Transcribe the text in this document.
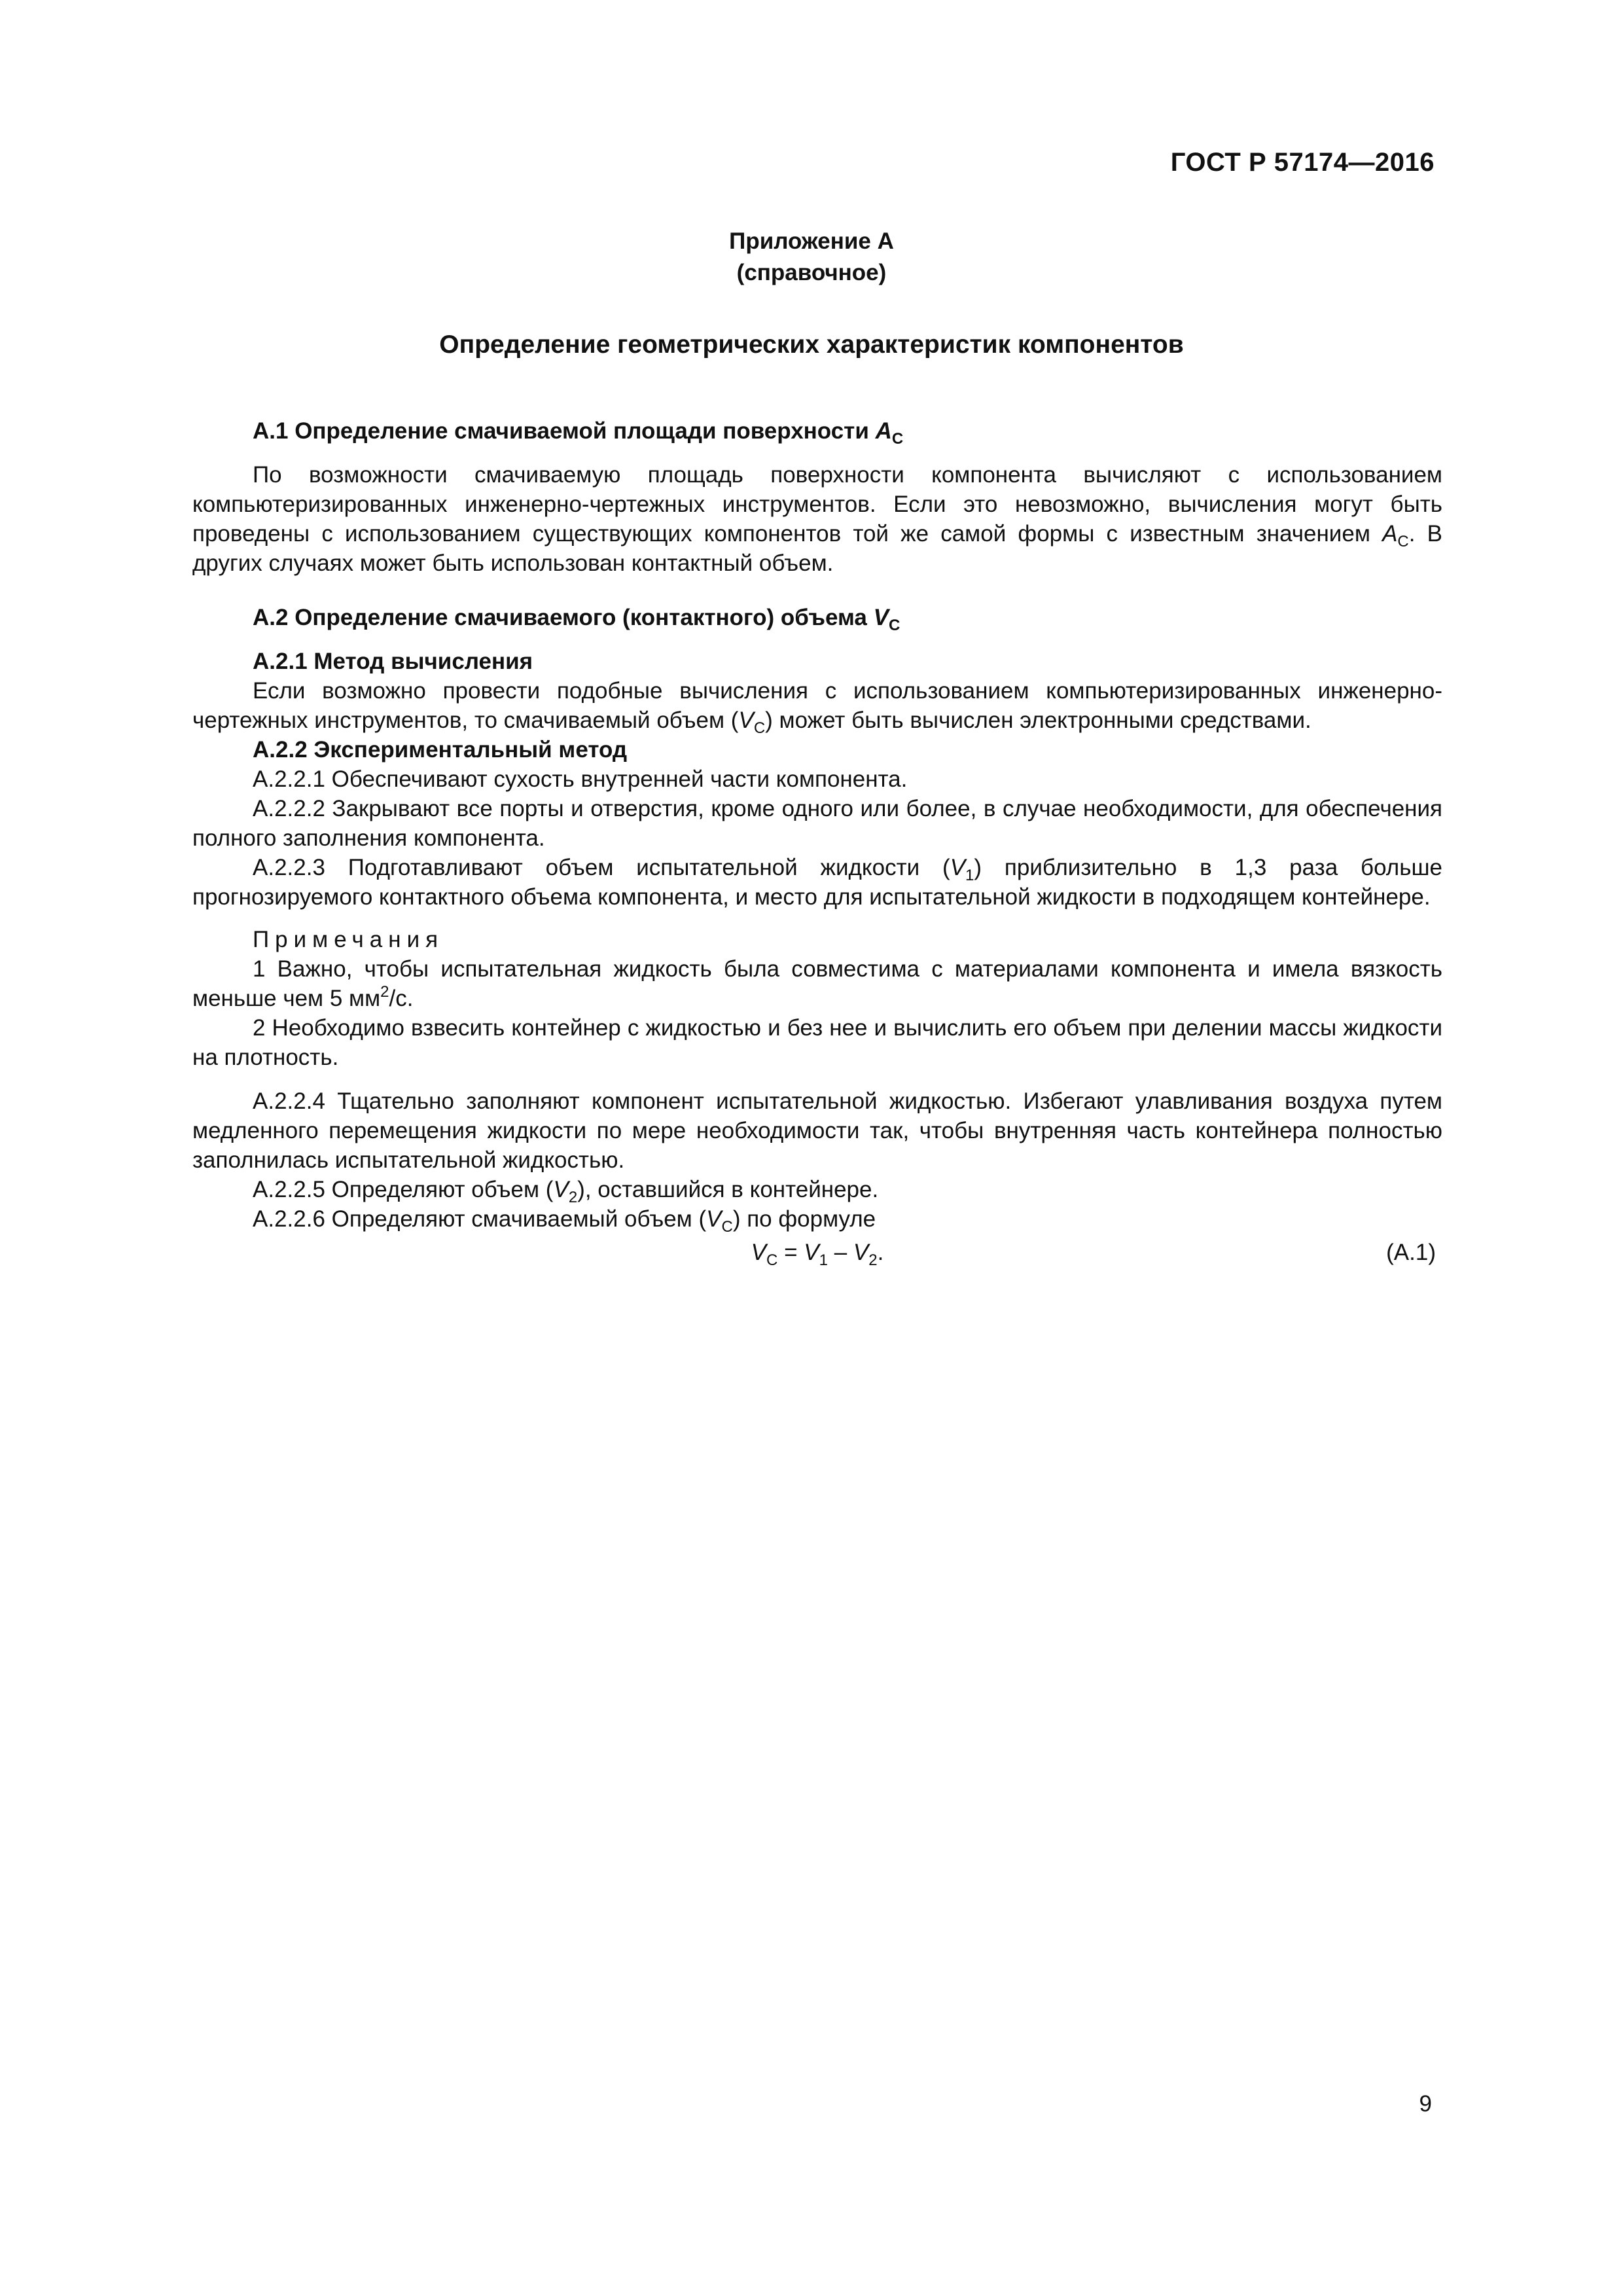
ГОСТ Р 57174—2016
Приложение А
(справочное)
Определение геометрических характеристик компонентов

А.1 Определение смачиваемой площади поверхности $A_C$

По возможности смачиваемую площадь поверхности компонента вычисляют с использованием компьютеризированных инженерно-чертежных инструментов. Если это невозможно, вычисления могут быть проведены с использованием существующих компонентов той же самой формы с известным значением $A_C$. В других случаях может быть использован контактный объем.

А.2 Определение смачиваемого (контактного) объема $V_C$

А.2.1 Метод вычисления

Если возможно провести подобные вычисления с использованием компьютеризированных инженерно-чертежных инструментов, то смачиваемый объем $(V_C)$ может быть вычислен электронными средствами.

А.2.2 Экспериментальный метод

А.2.2.1 Обеспечивают сухость внутренней части компонента.

А.2.2.2 Закрывают все порты и отверстия, кроме одного или более, в случае необходимости, для обеспечения полного заполнения компонента.

А.2.2.3 Подготавливают объем испытательной жидкости $(V_1)$ приблизительно в 1,3 раза больше прогнозируемого контактного объема компонента, и место для испытательной жидкости в подходящем контейнере.

Примечания

1 Важно, чтобы испытательная жидкость была совместима с материалами компонента и имела вязкость меньше чем 5 $мм^2/с$.

2 Необходимо взвесить контейнер с жидкостью и без нее и вычислить его объем при делении массы жидкости на плотность.

А.2.2.4 Тщательно заполняют компонент испытательной жидкостью. Избегают улавливания воздуха путем медленного перемещения жидкости по мере необходимости так, чтобы внутренняя часть контейнера полностью заполнилась испытательной жидкостью.

А.2.2.5 Определяют объем $(V_2)$, оставшийся в контейнере.

А.2.2.6 Определяют смачиваемый объем $(V_C)$ по формуле

$V_C = V_1 - V_2$.	(А.1)
9
